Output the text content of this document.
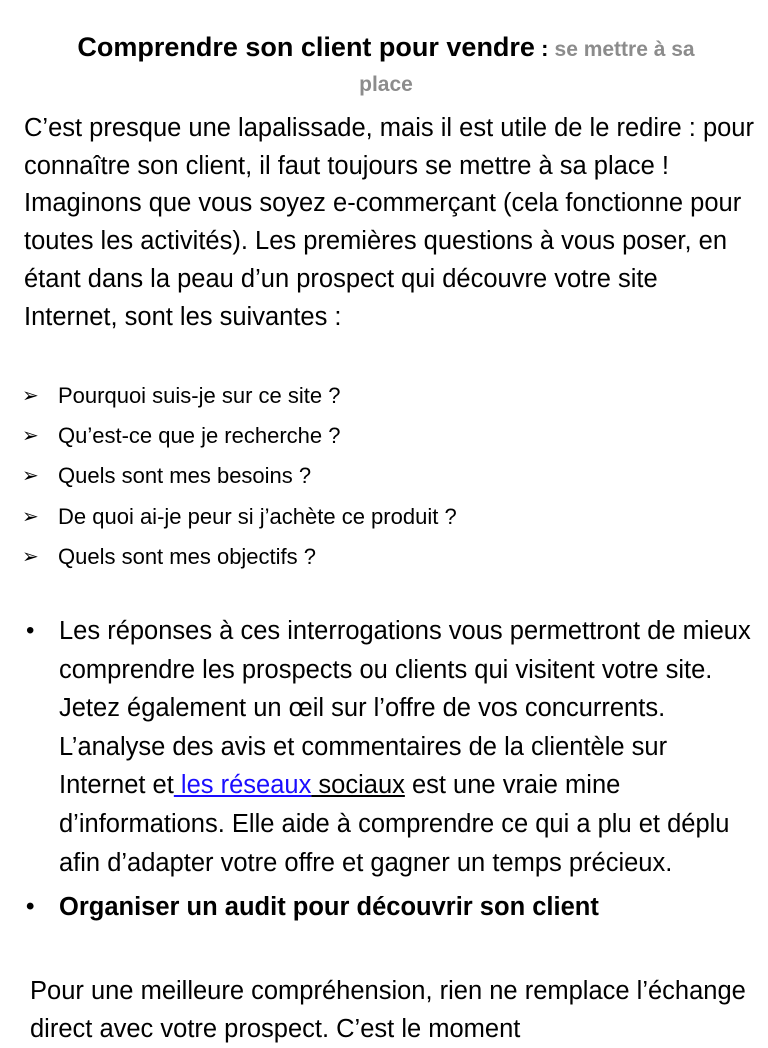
Comprendre son client pour vendre : se mettre à sa
place

C’est presque une lapalissade, mais il est utile de le redire : pour connaître son client, il faut toujours se mettre à sa place ! Imaginons que vous soyez e-commerçant (cela fonctionne pour toutes les activités). Les premières questions à vous poser, en étant dans la peau d’un prospect qui découvre votre site Internet, sont les suivantes :

➢ Pourquoi suis-je sur ce site ?
➢ Qu’est-ce que je recherche ?
➢ Quels sont mes besoins ?
➢ De quoi ai-je peur si j’achète ce produit ?
➢ Quels sont mes objectifs ?
• Les réponses à ces interrogations vous permettront de mieux comprendre les prospects ou clients qui visitent votre site. Jetez également un œil sur l’offre de vos concurrents. L’analyse des avis et commentaires de la clientèle sur Internet et les réseaux sociaux est une vraie mine d’informations. Elle aide à comprendre ce qui a plu et déplu afin d’adapter votre offre et gagner un temps précieux.
• Organiser un audit pour découvrir son client

Pour une meilleure compréhension, rien ne remplace l’échange direct avec votre prospect. C’est le moment
